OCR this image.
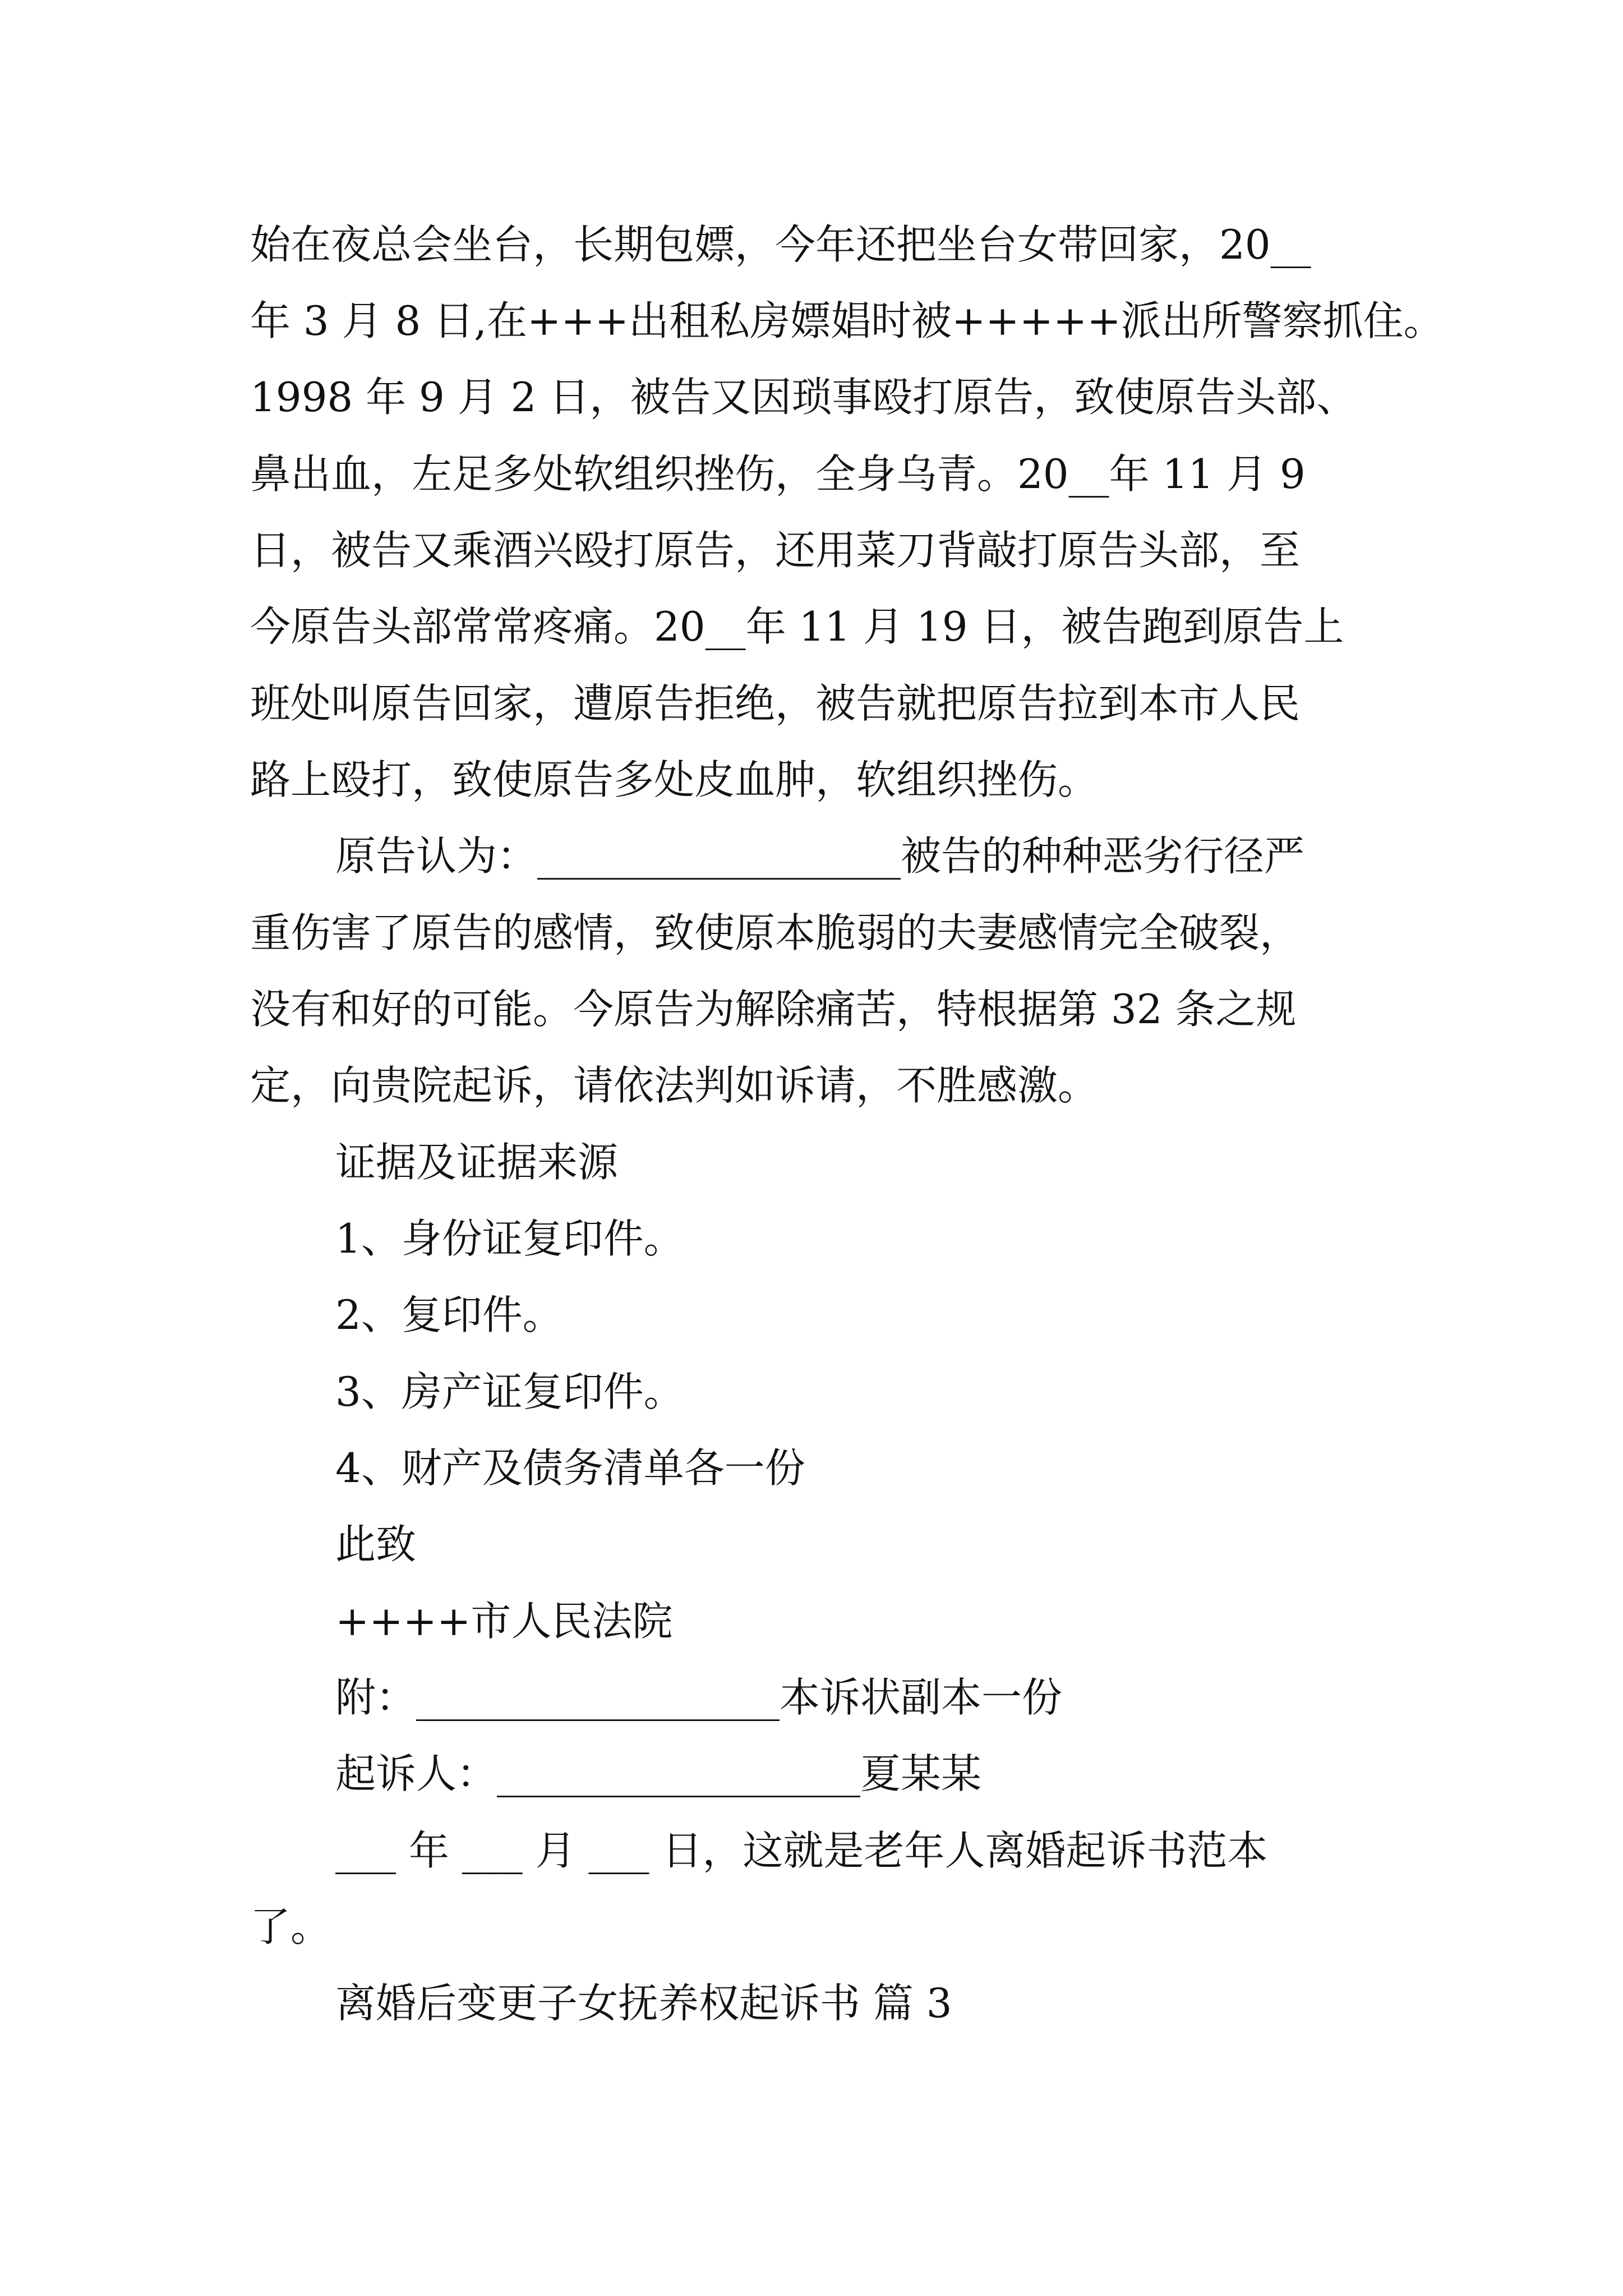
始在夜总会坐台，长期包嫖，今年还把坐台女带回家，20__
年 3 月 8 日,在+++出租私房嫖娼时被+++++派出所警察抓住。
1998 年 9 月 2 日，被告又因琐事殴打原告，致使原告头部、
鼻出血，左足多处软组织挫伤，全身乌青。20__年 11 月 9
日，被告又乘酒兴殴打原告，还用菜刀背敲打原告头部，至
今原告头部常常疼痛。20__年 11 月 19 日，被告跑到原告上
班处叫原告回家，遭原告拒绝，被告就把原告拉到本市人民
路上殴打，致使原告多处皮血肿，软组织挫伤。
原告认为：__________________被告的种种恶劣行径严
重伤害了原告的感情，致使原本脆弱的夫妻感情完全破裂，
没有和好的可能。今原告为解除痛苦，特根据第 32 条之规
定，向贵院起诉，请依法判如诉请，不胜感激。
证据及证据来源
1、身份证复印件。
2、复印件。
3、房产证复印件。
4、财产及债务清单各一份
此致
++++市人民法院
附：__________________本诉状副本一份
起诉人：__________________夏某某
___ 年 ___ 月 ___ 日，这就是老年人离婚起诉书范本
了。
离婚后变更子女抚养权起诉书 篇 3
